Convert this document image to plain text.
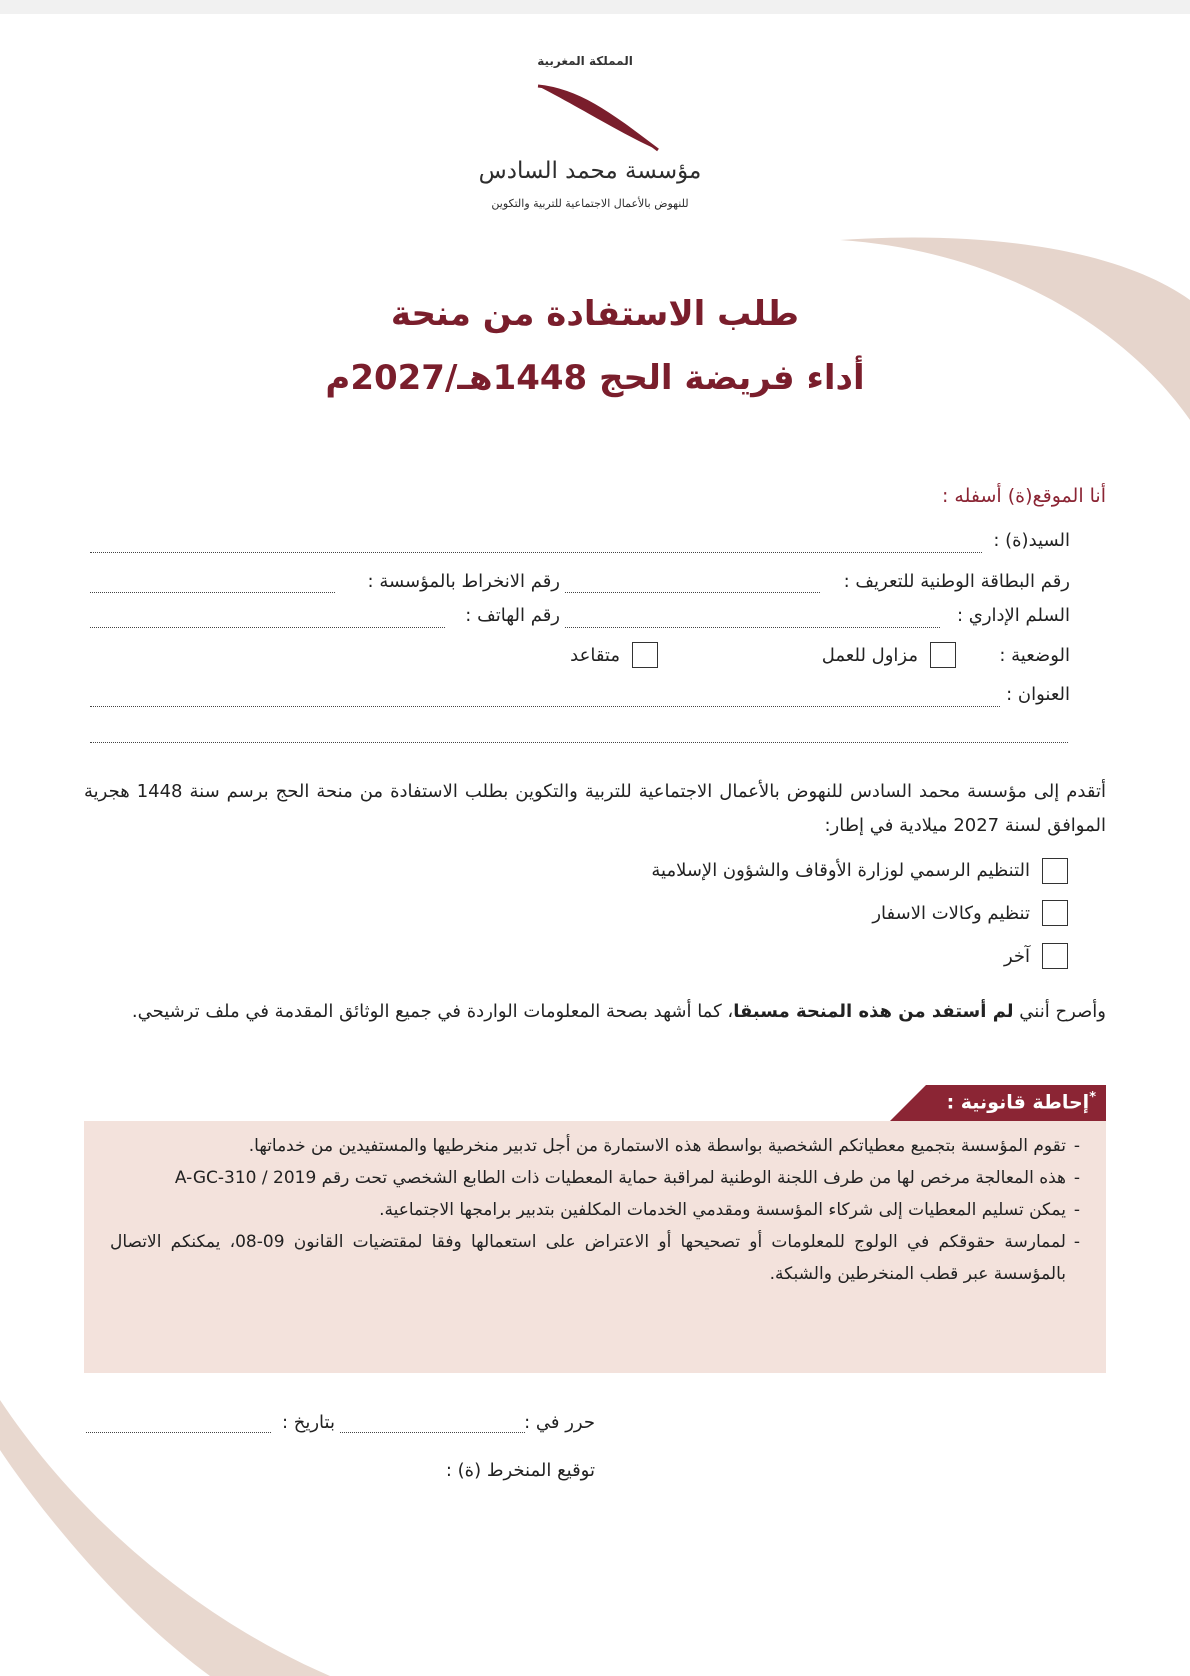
المملكة المغربية
مؤسسة محمد السادس
للنهوض بالأعمال الاجتماعية للتربية والتكوين
طلب الاستفادة من منحة
أداء فريضة الحج 1448هـ/2027م
أنا الموقع(ة) أسفله :
السيد(ة) :
رقم البطاقة الوطنية للتعريف :
رقم الانخراط بالمؤسسة :
السلم الإداري :
رقم الهاتف :
الوضعية :
مزاول للعمل
متقاعد
العنوان :
أتقدم إلى مؤسسة محمد السادس للنهوض بالأعمال الاجتماعية للتربية والتكوين بطلب الاستفادة من منحة الحج برسم سنة 1448 هجرية الموافق لسنة 2027 ميلادية في إطار:
التنظيم الرسمي لوزارة الأوقاف والشؤون الإسلامية
تنظيم وكالات الاسفار
آخر
وأصرح أنني لم أستفد من هذه المنحة مسبقا، كما أشهد بصحة المعلومات الواردة في جميع الوثائق المقدمة في ملف ترشيحي.
*إحاطة قانونية :
- تقوم المؤسسة بتجميع معطياتكم الشخصية بواسطة هذه الاستمارة من أجل تدبير منخرطيها والمستفيدين من خدماتها.
- هذه المعالجة مرخص لها من طرف اللجنة الوطنية لمراقبة حماية المعطيات ذات الطابع الشخصي تحت رقم A-GC-310 / 2019
- يمكن تسليم المعطيات إلى شركاء المؤسسة ومقدمي الخدمات المكلفين بتدبير برامجها الاجتماعية.
- لممارسة حقوقكم في الولوج للمعلومات أو تصحيحها أو الاعتراض على استعمالها وفقا لمقتضيات القانون 09-08، يمكنكم الاتصال بالمؤسسة عبر قطب المنخرطين والشبكة.
حرر في :
بتاريخ :
توقيع المنخرط (ة) :
